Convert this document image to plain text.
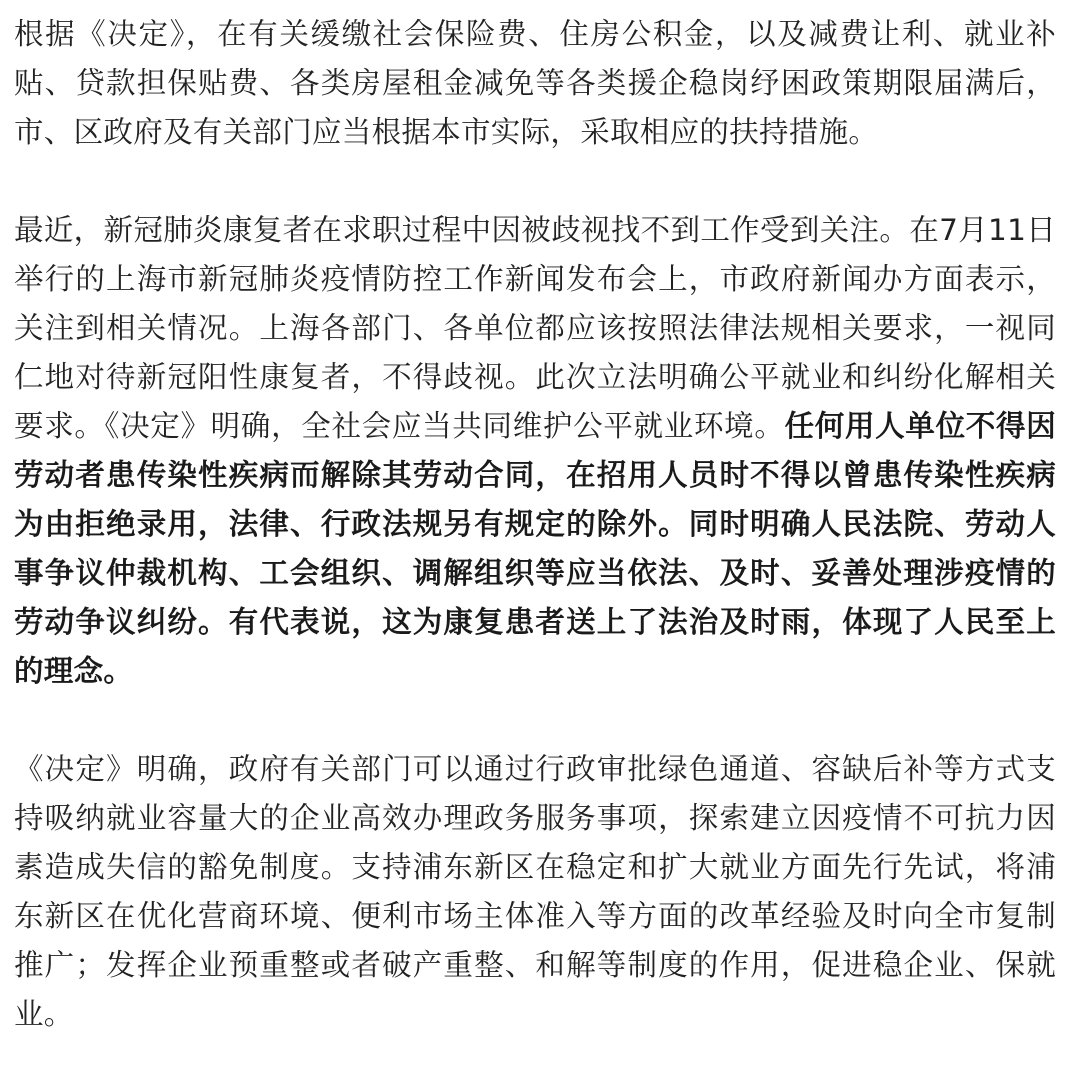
根据《决定》，在有关缓缴社会保险费、住房公积金，以及减费让利、就业补贴、贷款担保贴费、各类房屋租金减免等各类援企稳岗纾困政策期限届满后，市、区政府及有关部门应当根据本市实际，采取相应的扶持措施。

最近，新冠肺炎康复者在求职过程中因被歧视找不到工作受到关注。在7月11日举行的上海市新冠肺炎疫情防控工作新闻发布会上，市政府新闻办方面表示，关注到相关情况。上海各部门、各单位都应该按照法律法规相关要求，一视同仁地对待新冠阳性康复者，不得歧视。此次立法明确公平就业和纠纷化解相关要求。《决定》明确，全社会应当共同维护公平就业环境。任何用人单位不得因劳动者患传染性疾病而解除其劳动合同，在招用人员时不得以曾患传染性疾病为由拒绝录用，法律、行政法规另有规定的除外。同时明确人民法院、劳动人事争议仲裁机构、工会组织、调解组织等应当依法、及时、妥善处理涉疫情的劳动争议纠纷。有代表说，这为康复患者送上了法治及时雨，体现了人民至上的理念。

《决定》明确，政府有关部门可以通过行政审批绿色通道、容缺后补等方式支持吸纳就业容量大的企业高效办理政务服务事项，探索建立因疫情不可抗力因素造成失信的豁免制度。支持浦东新区在稳定和扩大就业方面先行先试，将浦东新区在优化营商环境、便利市场主体准入等方面的改革经验及时向全市复制推广；发挥企业预重整或者破产重整、和解等制度的作用，促进稳企业、保就业。
